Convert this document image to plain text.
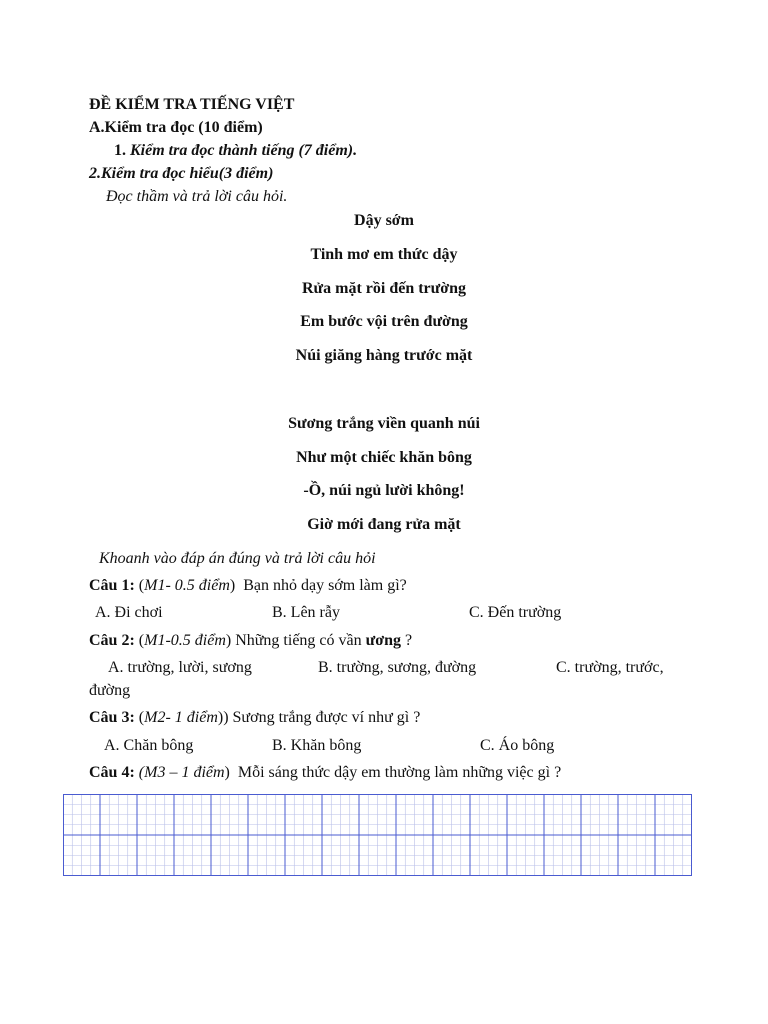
ĐỀ KIỂM TRA TIẾNG VIỆT
A.Kiểm tra đọc (10 điểm)
1. Kiểm tra đọc thành tiếng (7 điểm).
2.Kiểm tra đọc hiểu(3 điểm)
Đọc thầm và trả lời câu hỏi.
Dậy sớm
Tinh mơ em thức dậy
Rửa mặt rồi đến trường
Em bước vội trên đường
Núi giăng hàng trước mặt
Sương trắng viền quanh núi
Như một chiếc khăn bông
-Ồ, núi ngủ lười không!
Giờ mới đang rửa mặt
Khoanh vào đáp án đúng và trả lời câu hỏi
Câu 1: (M1- 0.5 điểm) Bạn nhỏ dạy sớm làm gì?
A. Đi chơi	B. Lên rẫy	C. Đến trường
Câu 2: (M1-0.5 điểm) Những tiếng có vần ương ?
A. trường, lười, sương	B. trường, sương, đường	C. trường, trước,
đường
Câu 3: (M2- 1 điểm)) Sương trắng được ví như gì ?
A. Chăn bông	B. Khăn bông	C. Áo bông
Câu 4: (M3 – 1 điểm) Mỗi sáng thức dậy em thường làm những việc gì ?
